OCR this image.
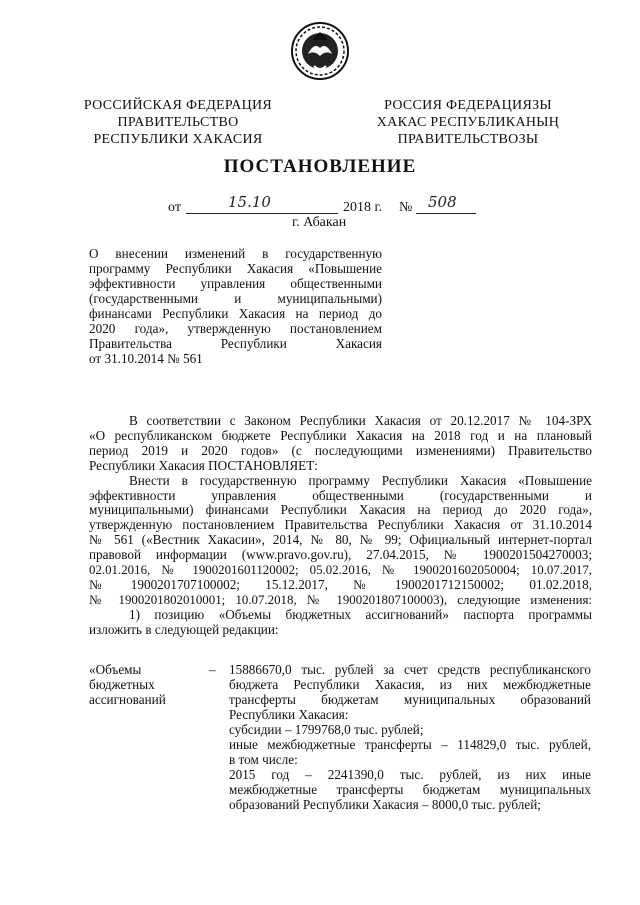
РОССИЙСКАЯ ФЕДЕРАЦИЯ
ПРАВИТЕЛЬСТВО
РЕСПУБЛИКИ ХАКАСИЯ
РОССИЯ ФЕДЕРАЦИЯЗЫ
ХАКАС РЕСПУБЛИКАНЫҢ
ПРАВИТЕЛЬСТВОЗЫ
ПОСТАНОВЛЕНИЕ
от	15.10	2018 г. № 508
г. Абакан
О внесении изменений в государственную
программу Республики Хакасия «Повышение
эффективности управления общественными
(государственными и муниципальными)
финансами Республики Хакасия на период до
2020 года», утвержденную постановлением
Правительства Республики Хакасия
от 31.10.2014 № 561
В соответствии с Законом Республики Хакасия от 20.12.2017 № 104-ЗРХ
«О республиканском бюджете Республики Хакасия на 2018 год и на плановый
период 2019 и 2020 годов» (с последующими изменениями) Правительство
Республики Хакасия ПОСТАНОВЛЯЕТ:
Внести в государственную программу Республики Хакасия «Повышение
эффективности управления общественными (государственными и
муниципальными) финансами Республики Хакасия на период до 2020 года»,
утвержденную постановлением Правительства Республики Хакасия от 31.10.2014
№ 561 («Вестник Хакасии», 2014, № 80, № 99; Официальный интернет-портал
правовой информации (www.pravo.gov.ru), 27.04.2015, № 1900201504270003;
02.01.2016, № 1900201601120002; 05.02.2016, № 1900201602050004; 10.07.2017,
№ 1900201707100002; 15.12.2017, № 1900201712150002; 01.02.2018,
№ 1900201802010001; 10.07.2018, № 1900201807100003), следующие изменения:
1) позицию «Объемы бюджетных ассигнований» паспорта программы
изложить в следующей редакции:
«Объемы
бюджетных
ассигнований
– 15886670,0 тыс. рублей за счет средств республиканского
бюджета Республики Хакасия, из них межбюджетные
трансферты бюджетам муниципальных образований
Республики Хакасия:
субсидии – 1799768,0 тыс. рублей;
иные межбюджетные трансферты – 114829,0 тыс. рублей,
в том числе:
2015 год – 2241390,0 тыс. рублей, из них иные
межбюджетные трансферты бюджетам муниципальных
образований Республики Хакасия – 8000,0 тыс. рублей;
